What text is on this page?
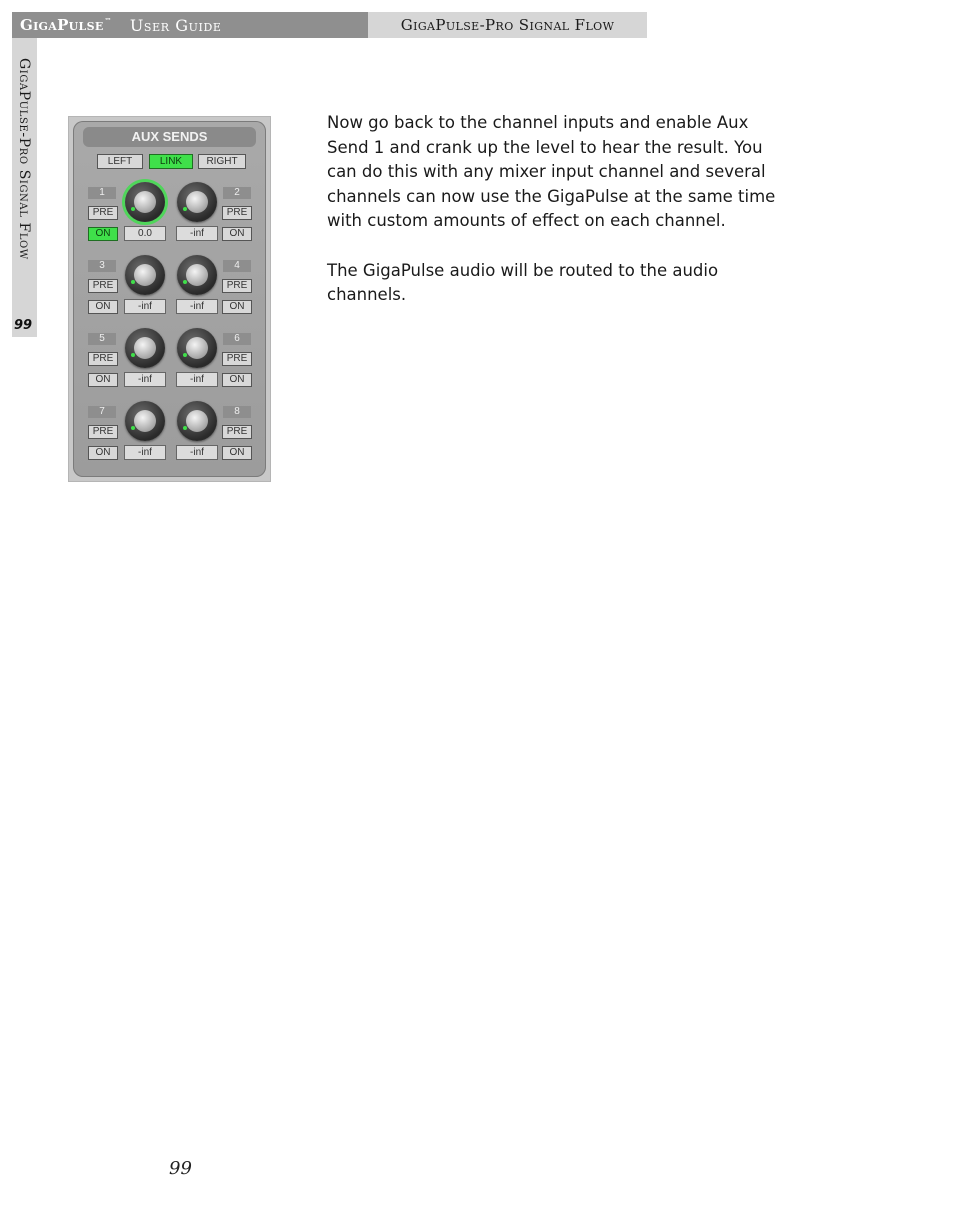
GigaPulse™ User Guide	GigaPulse-Pro Signal Flow
GigaPulse-Pro Signal Flow
99
AUX SENDS
LEFT	LINK	RIGHT
1
PRE
ON	0.0
2
PRE
ON
-inf
3
PRE
ON	-inf
4
PRE
ON
-inf
5
PRE
ON	-inf
6
PRE
ON
-inf
7
PRE
ON	-inf
8
PRE
ON
-inf

Now go back to the channel inputs and enable Aux Send 1 and crank up the level to hear the result. You can do this with any mixer input channel and several channels can now use the GigaPulse at the same time with custom amounts of effect on each channel.

The GigaPulse audio will be routed to the audio channels.

99
